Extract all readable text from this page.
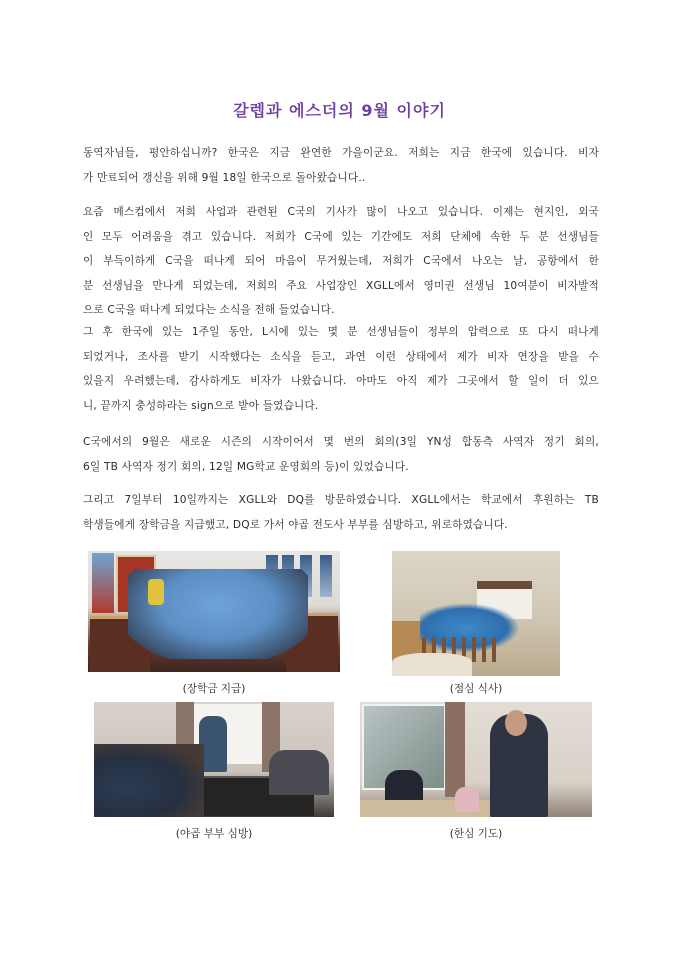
갈렙과 에스더의 9월 이야기
동역자님들, 평안하십니까? 한국은 지금 완연한 가을이군요. 저희는 지금 한국에 있습니다. 비자
가 만료되어 갱신을 위해 9월 18일 한국으로 돌아왔습니다..
요즘 메스컴에서 저희 사업과 관련된 C국의 기사가 많이 나오고 있습니다. 이제는 현지인, 외국
인 모두 어려움을 겪고 있습니다. 저희가 C국에 있는 기간에도 저희 단체에 속한 두 분 선생님들
이 부득이하게 C국을 떠나게 되어 마음이 무거웠는데, 저희가 C국에서 나오는 날, 공항에서 한
분 선생님을 만나게 되었는데, 저희의 주요 사업장인 XGLL에서 영미권 선생님 10여분이 비자발적
으로 C국을 떠나게 되었다는 소식을 전해 들었습니다.
그 후 한국에 있는 1주일 동안, L시에 있는 몇 분 선생님들이 정부의 압력으로 또 다시 떠나게
되었거나, 조사를 받기 시작했다는 소식을 듣고, 과연 이런 상태에서 제가 비자 연장을 받을 수
있을지 우려했는데, 감사하게도 비자가 나왔습니다. 아마도 아직 제가 그곳에서 할 일이 더 있으
니, 끝까지 충성하라는 sign으로 받아 들였습니다.
C국에서의 9월은 새로운 시즌의 시작이어서 몇 번의 회의(3일 YN성 합동측 사역자 정기 회의,
6일 TB 사역자 정기 회의, 12일 MG학교 운영회의 등)이 있었습니다.
그리고 7일부터 10일까지는 XGLL와 DQ를 방문하였습니다. XGLL에서는 학교에서 후원하는 TB
학생들에게 장학금을 지급했고, DQ로 가서 야곱 전도사 부부를 심방하고, 위로하였습니다.
(장학금 지급)	(점심 식사)
(야곱 부부 심방)	(한심 기도)
